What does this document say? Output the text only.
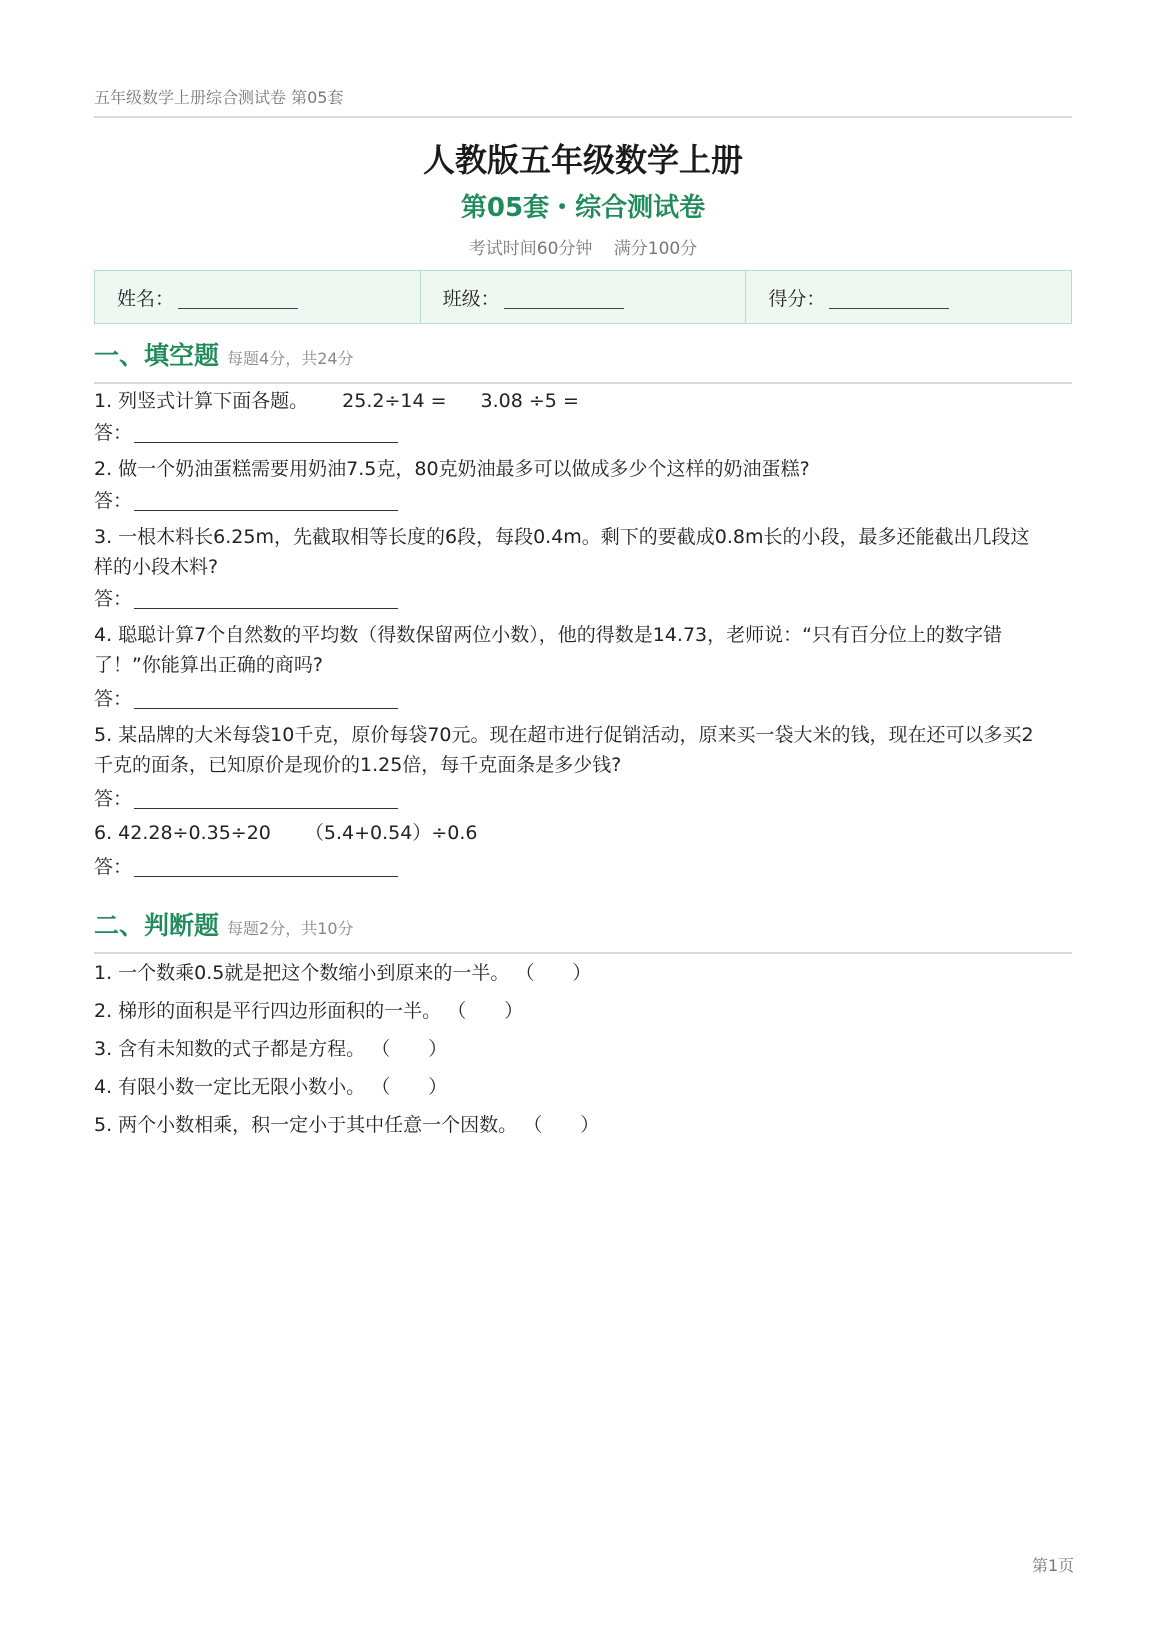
五年级数学上册综合测试卷 第05套
人教版五年级数学上册
第05套・综合测试卷
考试时间60分钟 满分100分
姓名：	班级：	得分：
一、填空题 每题4分，共24分
1. 列竖式计算下面各题。 25.2÷14 = 3.08 ÷5 =
答：
2. 做一个奶油蛋糕需要用奶油7.5克，80克奶油最多可以做成多少个这样的奶油蛋糕?
答：
3. 一根木料长6.25m，先截取相等长度的6段，每段0.4m。剩下的要截成0.8m长的小段，最多还能截出几段这
样的小段木料?
答：
4. 聪聪计算7个自然数的平均数（得数保留两位小数），他的得数是14.73，老师说：“只有百分位上的数字错
了！”你能算出正确的商吗?
答：
5. 某品牌的大米每袋10千克，原价每袋70元。现在超市进行促销活动，原来买一袋大米的钱，现在还可以多买2
千克的面条，已知原价是现价的1.25倍，每千克面条是多少钱?
答：
6. 42.28÷0.35÷20 （5.4+0.54）÷0.6
答：
二、判断题 每题2分，共10分
1. 一个数乘0.5就是把这个数缩小到原来的一半。 （　　）
2. 梯形的面积是平行四边形面积的一半。 （　　）
3. 含有未知数的式子都是方程。 （　　）
4. 有限小数一定比无限小数小。 （　　）
5. 两个小数相乘，积一定小于其中任意一个因数。 （　　）
第1页
